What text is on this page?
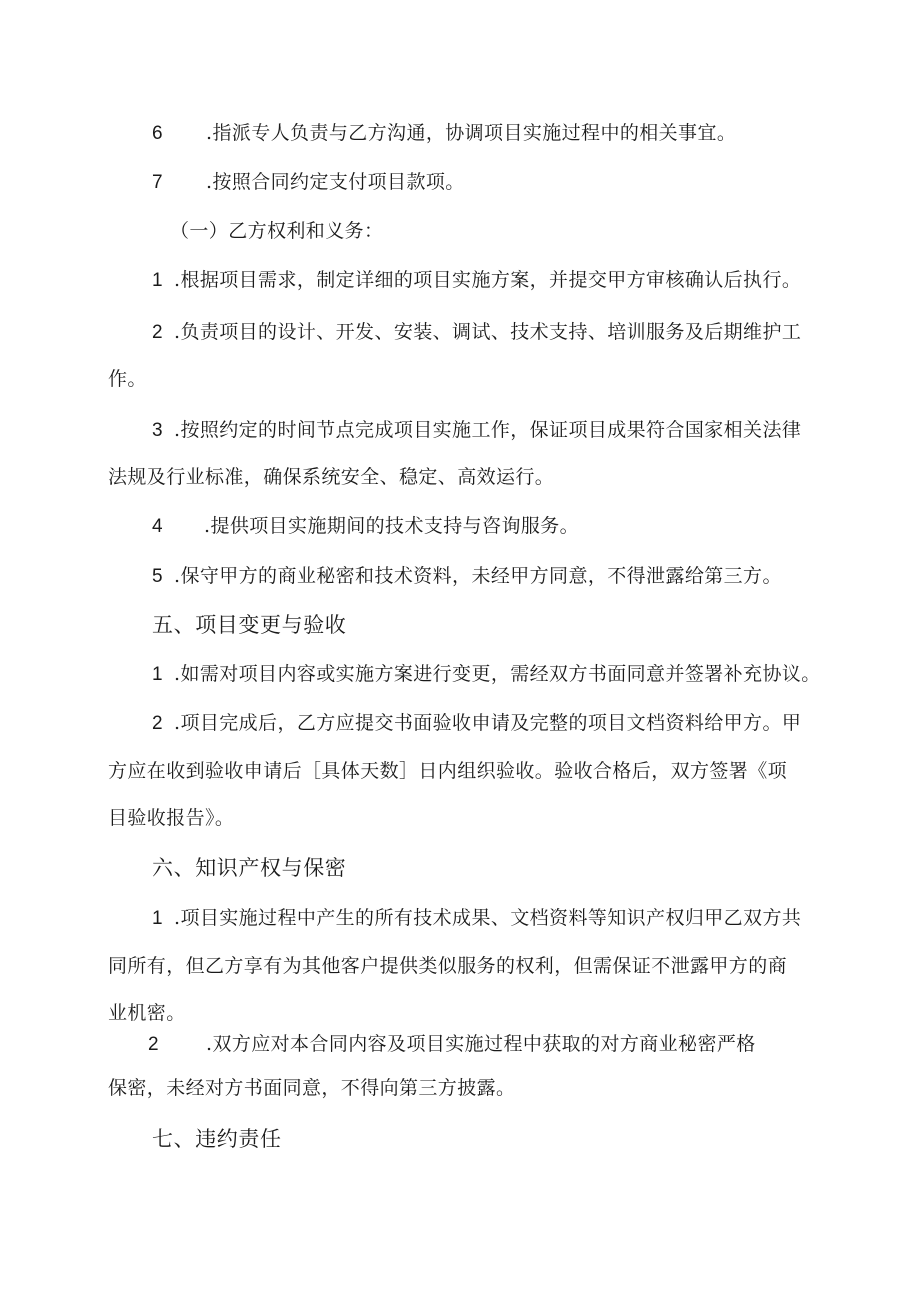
6 .指派专人负责与乙方沟通，协调项目实施过程中的相关事宜。
7 .按照合同约定支付项目款项。
（一）乙方权利和义务：
1 .根据项目需求，制定详细的项目实施方案，并提交甲方审核确认后执行。
2 .负责项目的设计、开发、安装、调试、技术支持、培训服务及后期维护工
作。
3 .按照约定的时间节点完成项目实施工作，保证项目成果符合国家相关法律
法规及行业标准，确保系统安全、稳定、高效运行。
4 .提供项目实施期间的技术支持与咨询服务。
5 .保守甲方的商业秘密和技术资料，未经甲方同意，不得泄露给第三方。
五、项目变更与验收
1 .如需对项目内容或实施方案进行变更，需经双方书面同意并签署补充协议。
2 .项目完成后，乙方应提交书面验收申请及完整的项目文档资料给甲方。甲
方应在收到验收申请后［具体天数］日内组织验收。验收合格后，双方签署《项
目验收报告》。
六、知识产权与保密
1 .项目实施过程中产生的所有技术成果、文档资料等知识产权归甲乙双方共
同所有，但乙方享有为其他客户提供类似服务的权利，但需保证不泄露甲方的商
业机密。
2 .双方应对本合同内容及项目实施过程中获取的对方商业秘密严格
保密，未经对方书面同意，不得向第三方披露。
七、违约责任
